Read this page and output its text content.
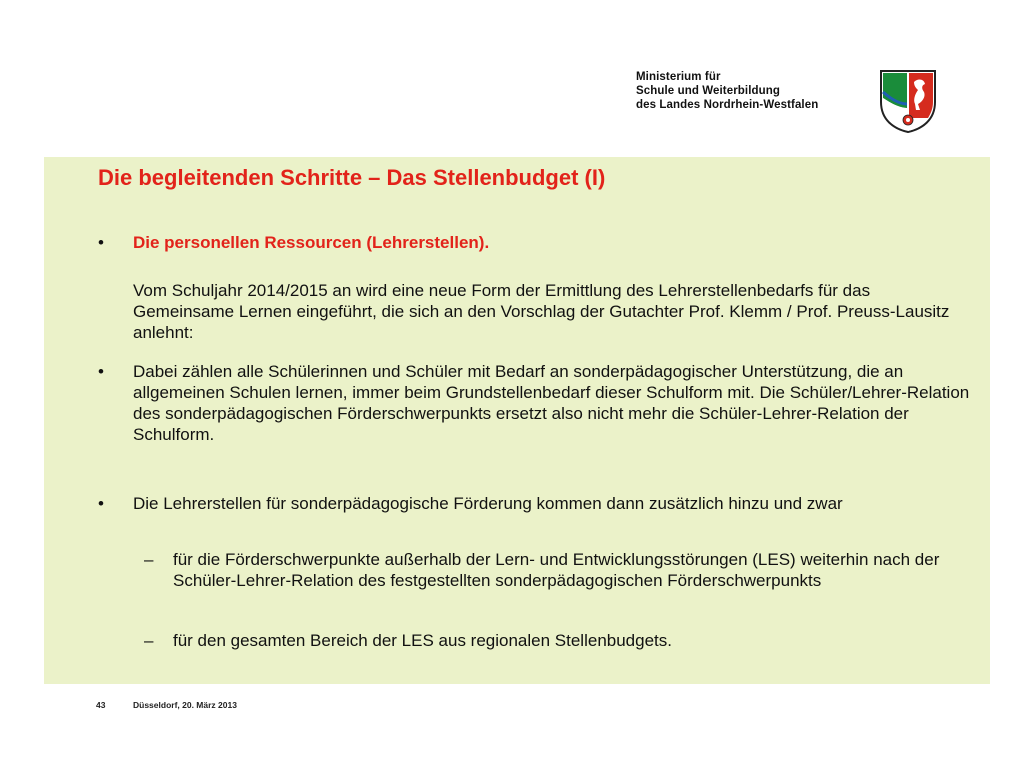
Ministerium für
Schule und Weiterbildung
des Landes Nordrhein-Westfalen
Die begleitenden Schritte – Das Stellenbudget (I)
•	Die personellen Ressourcen (Lehrerstellen).
Vom Schuljahr 2014/2015 an wird eine neue Form der Ermittlung des Lehrerstellenbedarfs für das Gemeinsame Lernen eingeführt, die sich an den Vorschlag der Gutachter Prof. Klemm / Prof. Preuss-Lausitz anlehnt:
•	Dabei zählen alle Schülerinnen und Schüler mit Bedarf an sonderpädagogischer Unterstützung, die an allgemeinen Schulen lernen, immer beim Grundstellenbedarf dieser Schulform mit. Die Schüler/Lehrer-Relation des sonderpädagogischen Förderschwerpunkts ersetzt also nicht mehr die Schüler-Lehrer-Relation der Schulform.
•	Die Lehrerstellen für sonderpädagogische Förderung kommen dann zusätzlich hinzu und zwar
–	für die Förderschwerpunkte außerhalb der Lern- und Entwicklungsstörungen (LES) weiterhin nach der Schüler-Lehrer-Relation des festgestellten sonderpädagogischen Förderschwerpunkts
–	für den gesamten Bereich der LES aus regionalen Stellenbudgets.
43	Düsseldorf, 20. März 2013
